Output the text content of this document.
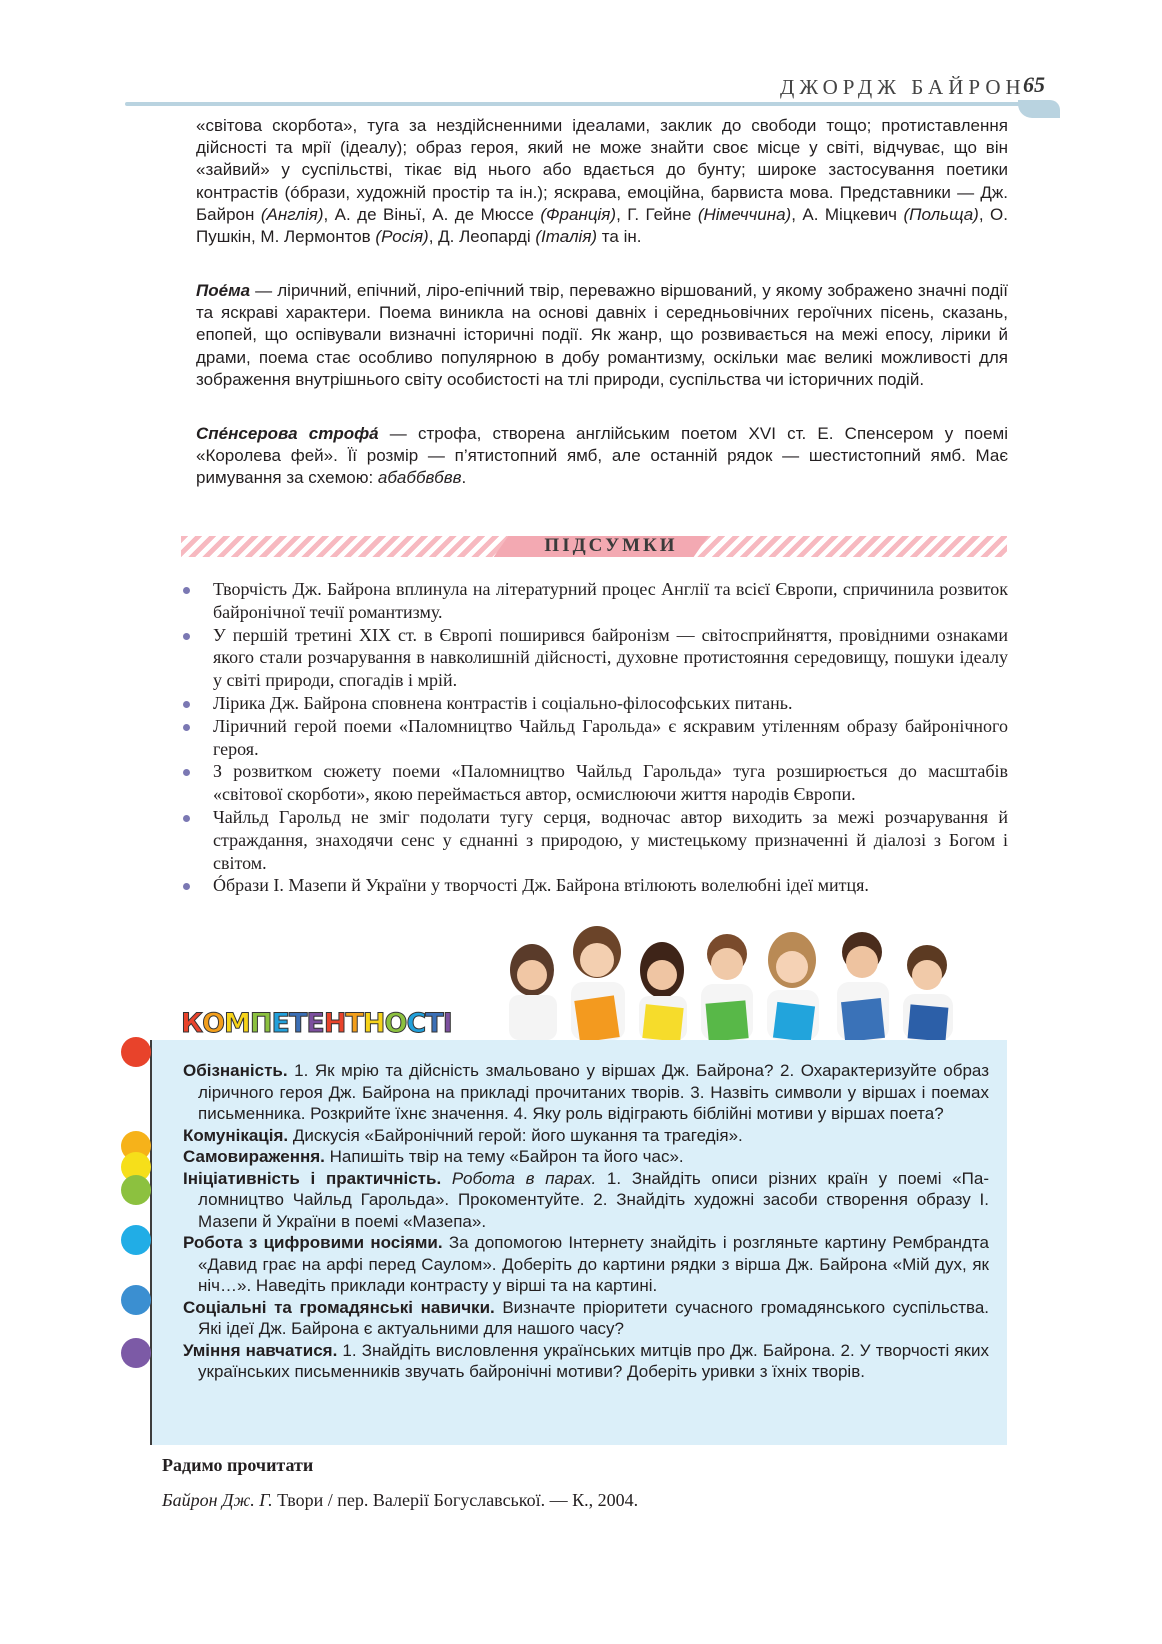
ДЖОРДЖ БАЙРОН
65

«світова скорбота», туга за нездійсненними ідеалами, заклик до свободи тощо; протиставлення дійсності та мрії (ідеалу); образ героя, який не може знайти своє місце у світі, відчуває, що він «зайвий» у суспільстві, тікає від нього або вдається до бунту; широке застосування поетики контрастів (óбрази, художній простір та ін.); яскрава, емоційна, барвиста мова. Представники — Дж. Байрон (Англія), А. де Віньї, А. де Мюссе (Франція), Г. Гейне (Німеччина), А. Міцкевич (Польща), О. Пушкін, М. Лермонтов (Росія), Д. Леопарді (Італія) та ін.

Пое́ма — ліричний, епічний, ліро-епічний твір, переважно віршований, у якому зображено значні події та яскраві характери. Поема виникла на основі давніх і середньовічних героїчних пісень, сказань, епопей, що оспівували визначні історичні події. Як жанр, що розвивається на межі епосу, лірики й драми, поема стає особливо популярною в добу романтизму, оскільки має великі можливості для зображення внутрішнього світу особистості на тлі природи, суспільства чи історичних подій.

Спе́нсерова строфа́ — строфа, створена англійським поетом XVI ст. Е. Спенсером у поемі «Королева фей». Її розмір — п’ятистопний ямб, але останній рядок — шестистопний ямб. Має римування за схемою: абаббвбвв.

ПІДСУМКИ
Творчість Дж. Байрона вплинула на літературний процес Англії та всієї Європи, спричинила розвиток байронічної течії романтизму.
У першій третині XIX ст. в Європі поширився байронізм — світосприйняття, провідними ознаками якого стали розчарування в навколишній дійсності, духовне протистояння середовищу, пошуки ідеалу у світі природи, спогадів і мрій.
Лірика Дж. Байрона сповнена контрастів і соціально-філософських питань.
Ліричний герой поеми «Паломництво Чайльд Гарольда» є яскравим утіленням образу байронічного героя.
З розвитком сюжету поеми «Паломництво Чайльд Гарольда» туга розширюється до масштабів «світової скорботи», якою переймається автор, осмислюючи життя народів Європи.
Чайльд Гарольд не зміг подолати тугу серця, водночас автор виходить за межі розчарування й страждання, знаходячи сенс у єднанні з природою, у мистецькому призначенні й діалозі з Богом і світом.
Óбрази І. Мазепи й України у творчості Дж. Байрона втілюють волелюбні ідеї митця.
КОМПЕТЕНТНОСТІ

Обізнаність. 1. Як мрію та дійсність змальовано у віршах Дж. Байрона? 2. Охарактеризуйте образ ліричного героя Дж. Байрона на прикладі прочитаних творів. 3. Назвіть символи у віршах і поемах письменника. Розкрийте їхнє значення. 4. Яку роль відіграють біблійні мотиви у віршах поета?

Комунікація. Дискусія «Байронічний герой: його шукання та трагедія».

Самовираження. Напишіть твір на тему «Байрон та його час».

Ініціативність і практичність. Робота в парах. 1. Знайдіть описи різних країн у поемі «Паломництво Чайльд Гарольда». Прокоментуйте. 2. Знайдіть художні засоби створення образу І. Мазепи й України в поемі «Мазепа».

Робота з цифровими носіями. За допомогою Інтернету знайдіть і розгляньте картину Рембрандта «Давид грає на арфі перед Саулом». Доберіть до картини рядки з вірша Дж. Байрона «Мій дух, як ніч…». Наведіть приклади контрасту у вірші та на картині.

Соціальні та громадянські навички. Визначте пріоритети сучасного громадянського суспільства. Які ідеї Дж. Байрона є актуальними для нашого часу?

Уміння навчатися. 1. Знайдіть висловлення українських митців про Дж. Байрона. 2. У творчості яких українських письменників звучать байронічні мотиви? Доберіть уривки з їхніх творів.

Радимо прочитати
Байрон Дж. Г. Твори / пер. Валерії Богуславської. — К., 2004.
